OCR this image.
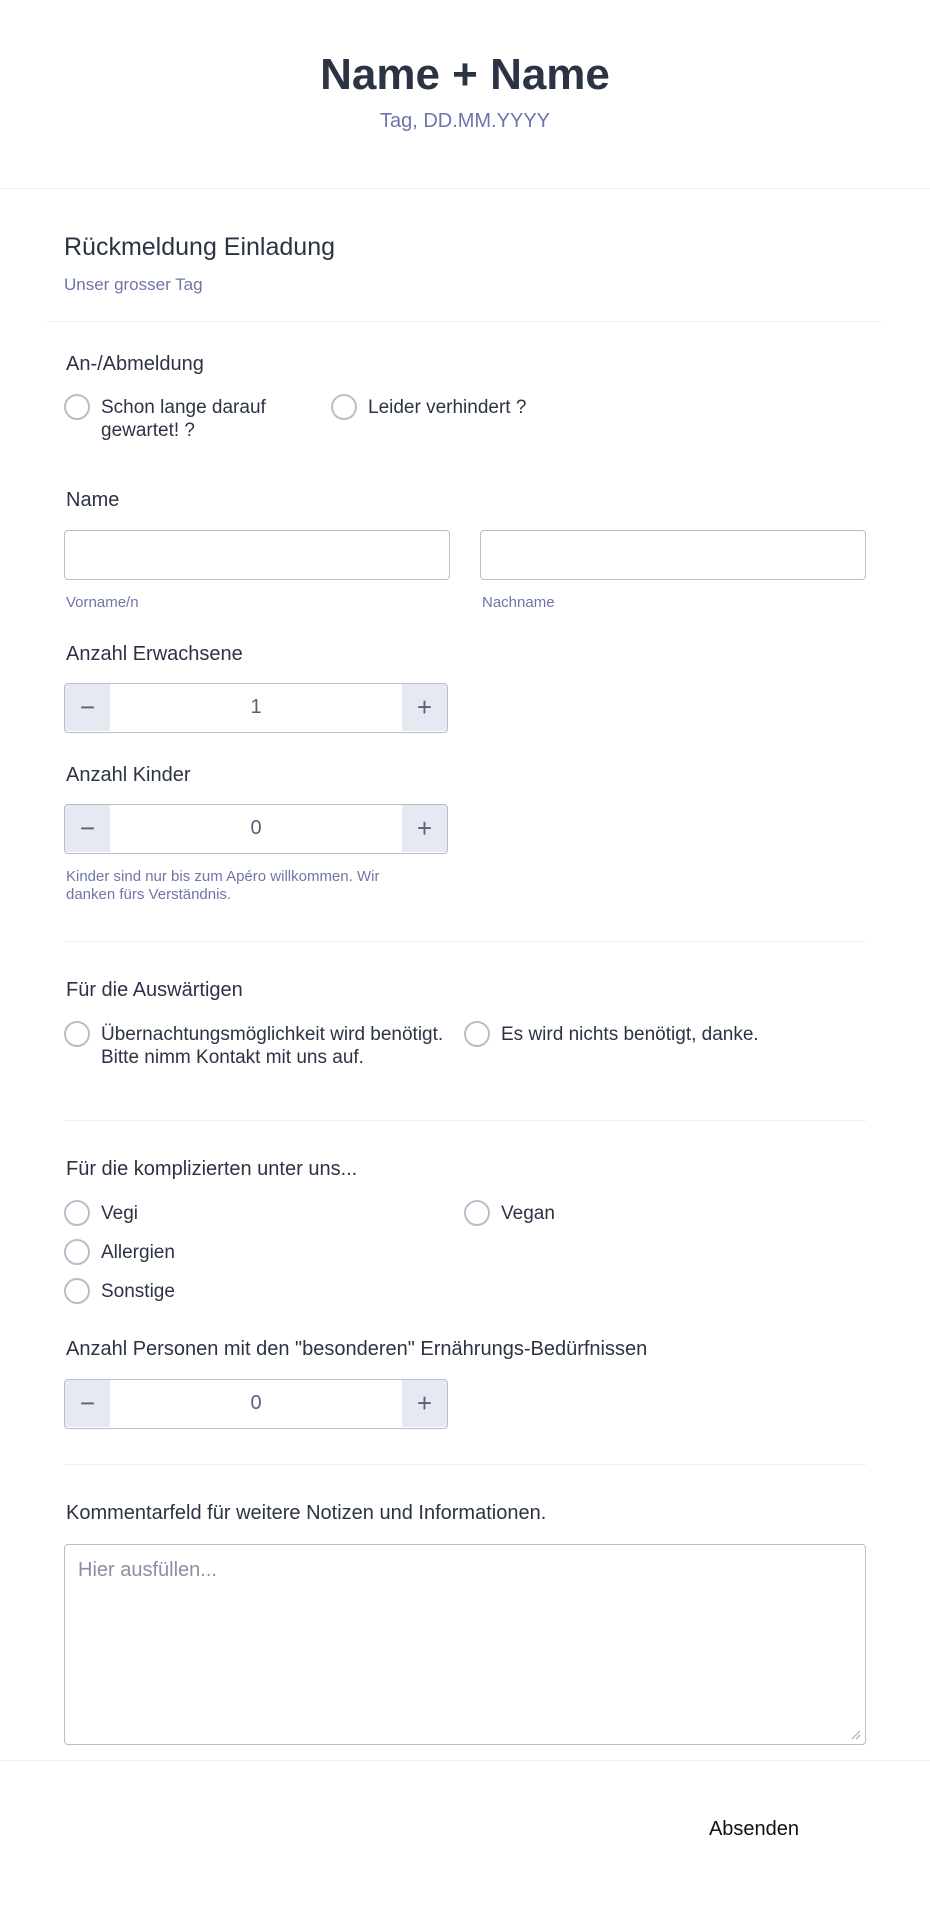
Name + Name
Tag, DD.MM.YYYY
Rückmeldung Einladung
Unser grosser Tag
An-/Abmeldung
Schon lange darauf gewartet! ?
Leider verhindert ?
Name
Vorname/n	Nachname
Anzahl Erwachsene
−	1	+
Anzahl Kinder
−	0	+
Kinder sind nur bis zum Apéro willkommen. Wir danken fürs Verständnis.
Für die Auswärtigen
Übernachtungsmöglichkeit wird benötigt. Bitte nimm Kontakt mit uns auf.
Es wird nichts benötigt, danke.
Für die komplizierten unter uns...
Vegi	Vegan
Allergien
Sonstige
Anzahl Personen mit den "besonderen" Ernährungs-Bedürfnissen
−	0	+
Kommentarfeld für weitere Notizen und Informationen.
Hier ausfüllen...
Absenden
